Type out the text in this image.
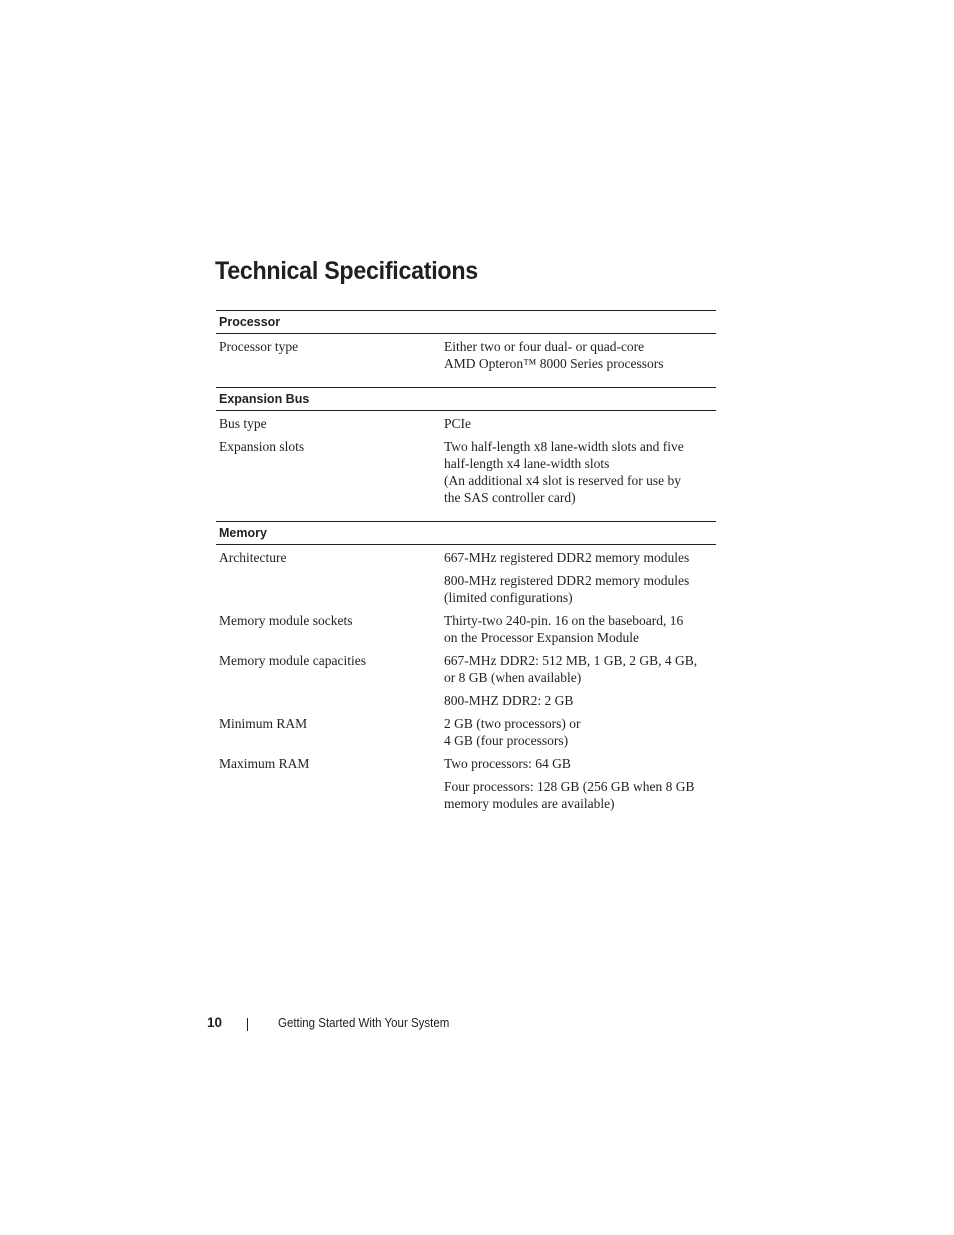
Technical Specifications
Processor
Processor type	Either two or four dual- or quad-core
AMD Opteron™ 8000 Series processors
Expansion Bus
Bus type	PCIe
Expansion slots	Two half-length x8 lane-width slots and five
half-length x4 lane-width slots
(An additional x4 slot is reserved for use by
the SAS controller card)
Memory
Architecture	667-MHz registered DDR2 memory modules
800-MHz registered DDR2 memory modules
(limited configurations)
Memory module sockets	Thirty-two 240-pin. 16 on the baseboard, 16
on the Processor Expansion Module
Memory module capacities	667-MHz DDR2: 512 MB, 1 GB, 2 GB, 4 GB,
or 8 GB (when available)
800-MHZ DDR2: 2 GB
Minimum RAM	2 GB (two processors) or
4 GB (four processors)
Maximum RAM	Two processors: 64 GB
Four processors: 128 GB (256 GB when 8 GB
memory modules are available)
10	Getting Started With Your System
